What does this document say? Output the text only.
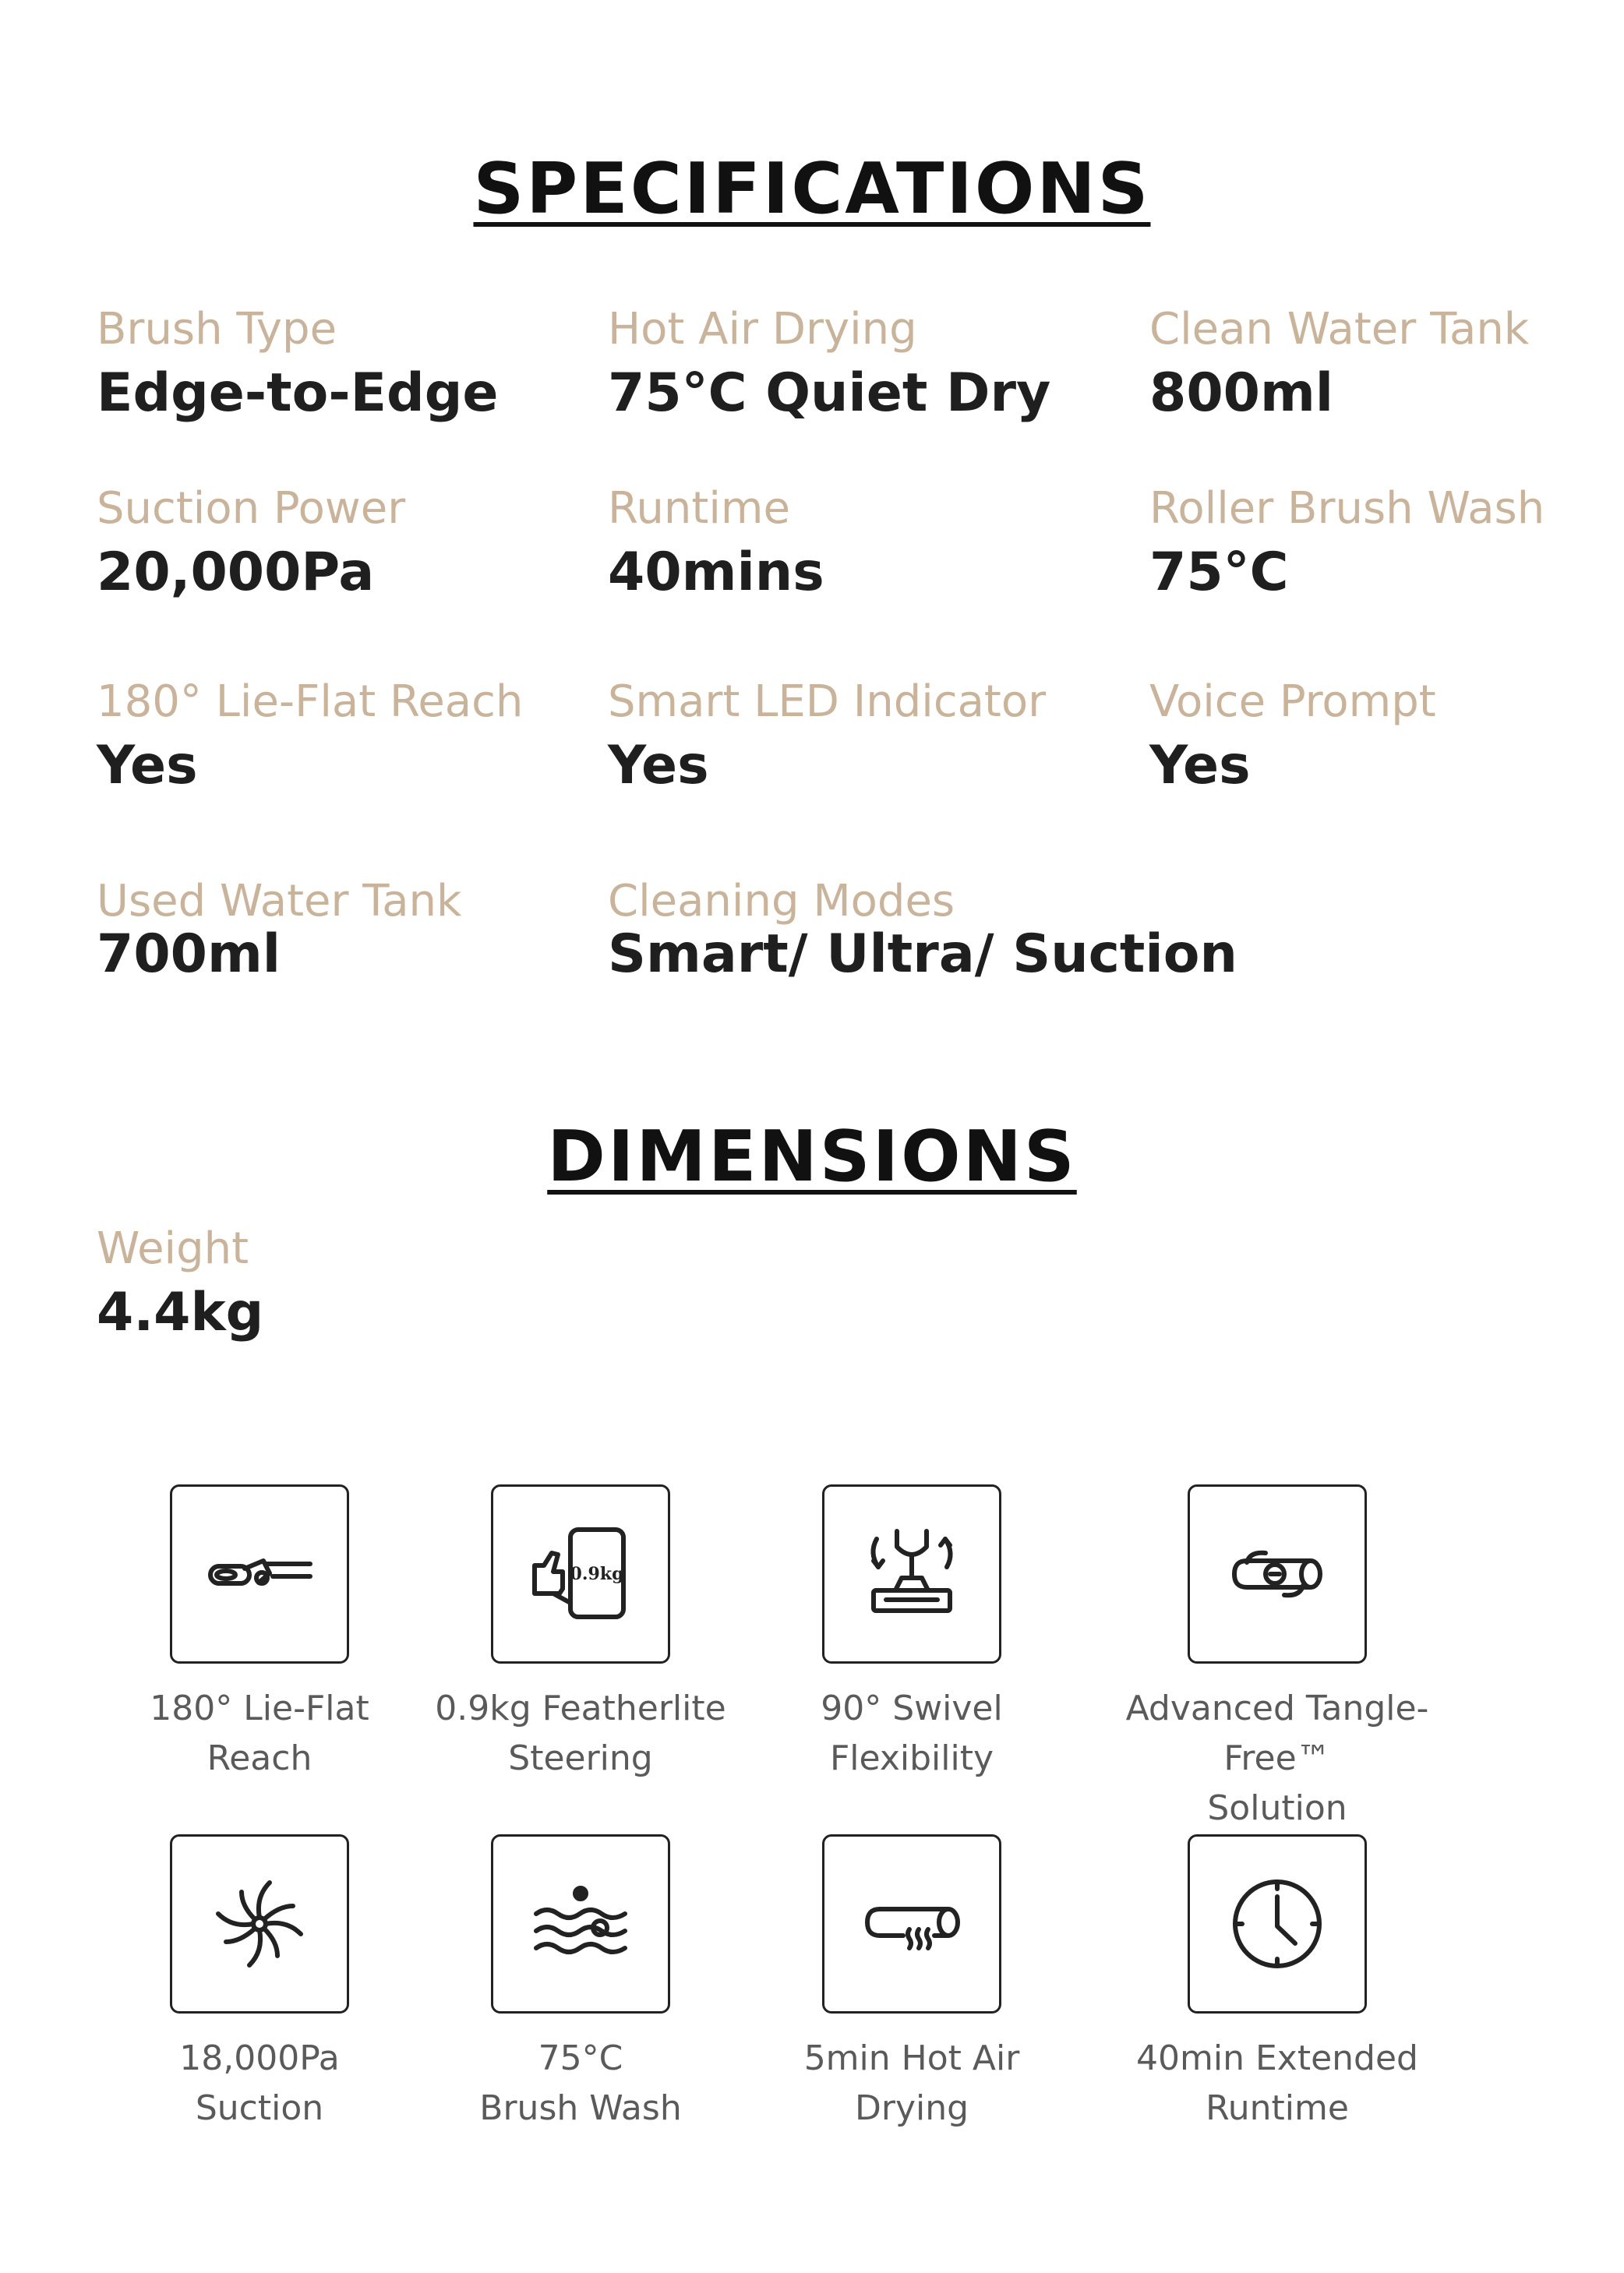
SPECIFICATIONS
Brush Type
Edge-to-Edge
Hot Air Drying
75°C Quiet Dry
Clean Water Tank
800ml
Suction Power
20,000Pa
Runtime
40mins
Roller Brush Wash
75°C
180° Lie-Flat Reach
Yes
Smart LED Indicator
Yes
Voice Prompt
Yes
Used Water Tank
700ml
Cleaning Modes
Smart/ Ultra/ Suction
DIMENSIONS
Weight
4.4kg
180° Lie-Flat
Reach
0.9kg
0.9kg Featherlite
Steering
90° Swivel
Flexibility
Advanced Tangle-Free™
Solution
18,000Pa
Suction
75°C
Brush Wash
5min Hot Air
Drying
40min Extended
Runtime
